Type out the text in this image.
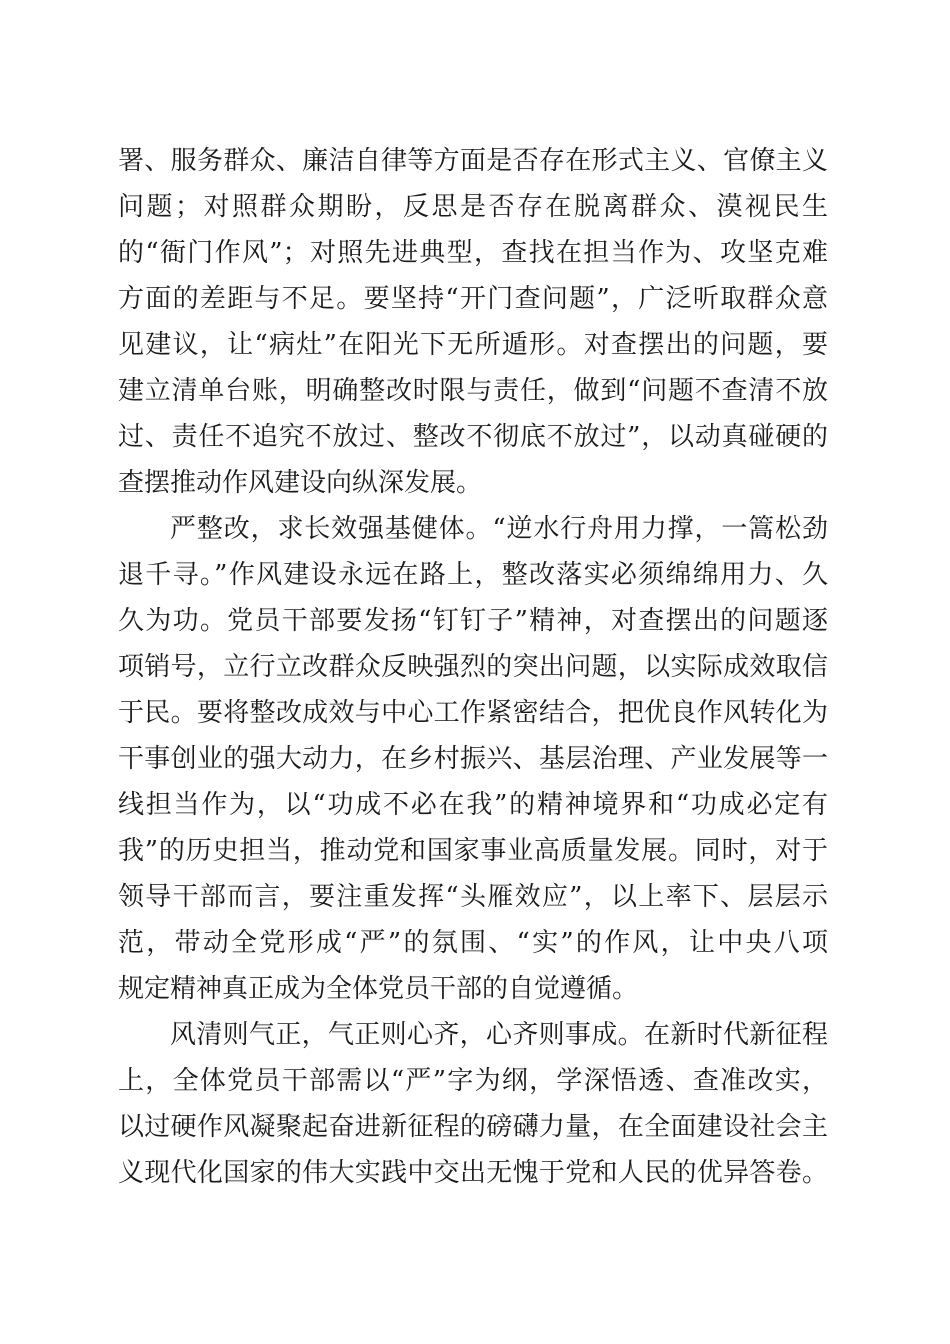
署、服务群众、廉洁自律等方面是否存在形式主义、官僚主义
问题；对照群众期盼，反思是否存在脱离群众、漠视民生
的“衙门作风”；对照先进典型，查找在担当作为、攻坚克难
方面的差距与不足。要坚持“开门查问题”，广泛听取群众意
见建议，让“病灶”在阳光下无所遁形。对查摆出的问题，要
建立清单台账，明确整改时限与责任，做到“问题不查清不放
过、责任不追究不放过、整改不彻底不放过”，以动真碰硬的
查摆推动作风建设向纵深发展。
严整改，求长效强基健体。“逆水行舟用力撑，一篙松劲
退千寻。”作风建设永远在路上，整改落实必须绵绵用力、久
久为功。党员干部要发扬“钉钉子”精神，对查摆出的问题逐
项销号，立行立改群众反映强烈的突出问题，以实际成效取信
于民。要将整改成效与中心工作紧密结合，把优良作风转化为
干事创业的强大动力，在乡村振兴、基层治理、产业发展等一
线担当作为，以“功成不必在我”的精神境界和“功成必定有
我”的历史担当，推动党和国家事业高质量发展。同时，对于
领导干部而言，要注重发挥“头雁效应”，以上率下、层层示
范，带动全党形成“严”的氛围、“实”的作风，让中央八项
规定精神真正成为全体党员干部的自觉遵循。
风清则气正，气正则心齐，心齐则事成。在新时代新征程
上，全体党员干部需以“严”字为纲，学深悟透、查准改实，
以过硬作风凝聚起奋进新征程的磅礴力量，在全面建设社会主
义现代化国家的伟大实践中交出无愧于党和人民的优异答卷。
